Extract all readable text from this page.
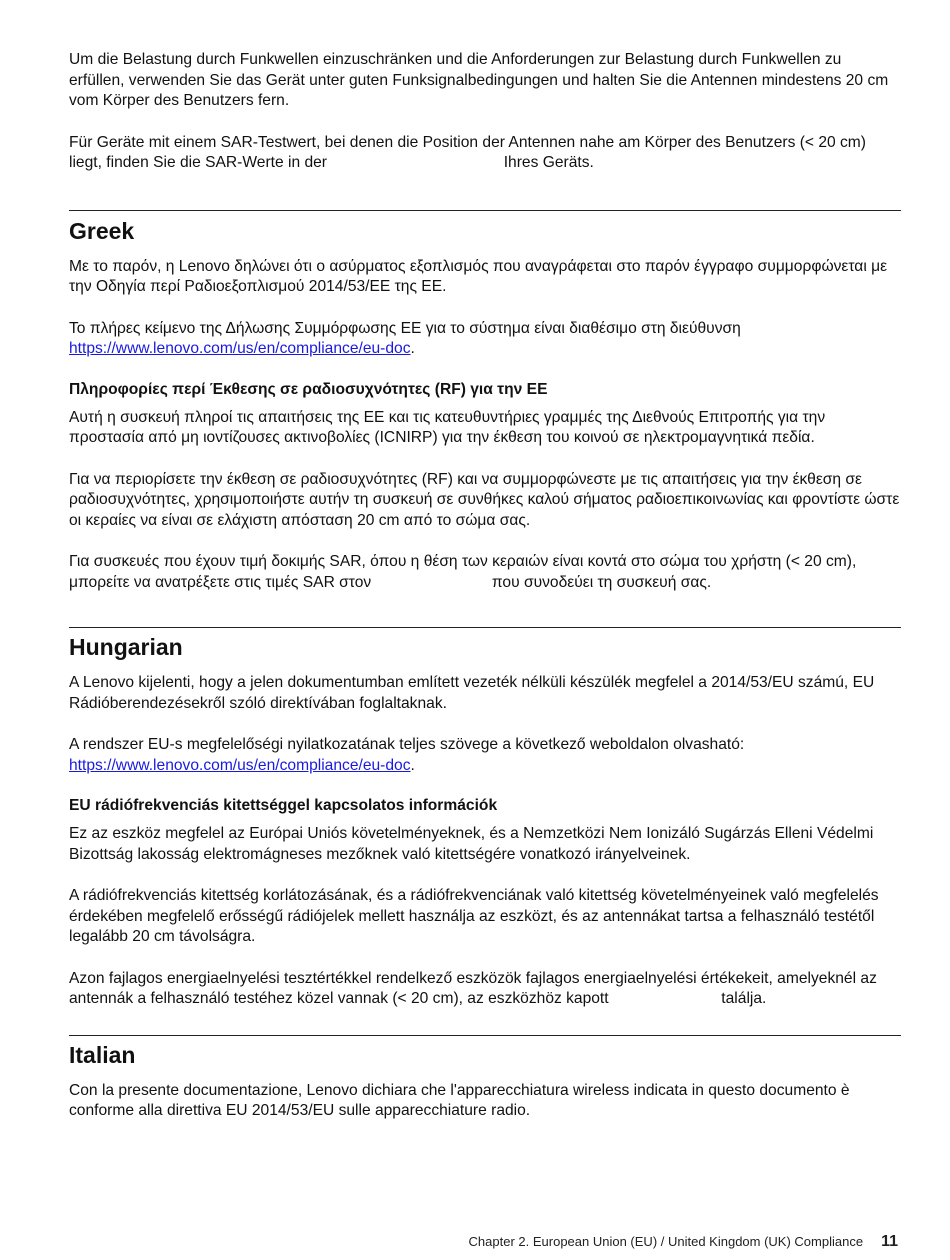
Um die Belastung durch Funkwellen einzuschränken und die Anforderungen zur Belastung durch Funkwellen zu erfüllen, verwenden Sie das Gerät unter guten Funksignalbedingungen und halten Sie die Antennen mindestens 20 cm vom Körper des Benutzers fern.

Für Geräte mit einem SAR-Testwert, bei denen die Position der Antennen nahe am Körper des Benutzers (< 20 cm) liegt, finden Sie die SAR-Werte in der	Ihres Geräts.

Greek

Με το παρόν, η Lenovo δηλώνει ότι ο ασύρματος εξοπλισμός που αναγράφεται στο παρόν έγγραφο συμμορφώνεται με την Οδηγία περί Ραδιοεξοπλισμού 2014/53/ΕΕ της ΕΕ.

Το πλήρες κείμενο της Δήλωσης Συμμόρφωσης ΕΕ για το σύστημα είναι διαθέσιμο στη διεύθυνση https://www.lenovo.com/us/en/compliance/eu-doc.

Πληροφορίες περί Έκθεσης σε ραδιοσυχνότητες (RF) για την ΕΕ

Αυτή η συσκευή πληροί τις απαιτήσεις της ΕΕ και τις κατευθυντήριες γραμμές της Διεθνούς Επιτροπής για την προστασία από μη ιοντίζουσες ακτινοβολίες (ICNIRP) για την έκθεση του κοινού σε ηλεκτρομαγνητικά πεδία.

Για να περιορίσετε την έκθεση σε ραδιοσυχνότητες (RF) και να συμμορφώνεστε με τις απαιτήσεις για την έκθεση σε ραδιοσυχνότητες, χρησιμοποιήστε αυτήν τη συσκευή σε συνθήκες καλού σήματος ραδιοεπικοινωνίας και φροντίστε ώστε οι κεραίες να είναι σε ελάχιστη απόσταση 20 cm από το σώμα σας.

Για συσκευές που έχουν τιμή δοκιμής SAR, όπου η θέση των κεραιών είναι κοντά στο σώμα του χρήστη (< 20 cm), μπορείτε να ανατρέξετε στις τιμές SAR στον	που συνοδεύει τη συσκευή σας.

Hungarian

A Lenovo kijelenti, hogy a jelen dokumentumban említett vezeték nélküli készülék megfelel a 2014/53/EU számú, EU Rádióberendezésekről szóló direktívában foglaltaknak.

A rendszer EU-s megfelelőségi nyilatkozatának teljes szövege a következő weboldalon olvasható: https://www.lenovo.com/us/en/compliance/eu-doc.

EU rádiófrekvenciás kitettséggel kapcsolatos információk

Ez az eszköz megfelel az Európai Uniós követelményeknek, és a Nemzetközi Nem Ionizáló Sugárzás Elleni Védelmi Bizottság lakosság elektromágneses mezőknek való kitettségére vonatkozó irányelveinek.

A rádiófrekvenciás kitettség korlátozásának, és a rádiófrekvenciának való kitettség követelményeinek való megfelelés érdekében megfelelő erősségű rádiójelek mellett használja az eszközt, és az antennákat tartsa a felhasználó testétől legalább 20 cm távolságra.

Azon fajlagos energiaelnyelési tesztértékkel rendelkező eszközök fajlagos energiaelnyelési értékekeit, amelyeknél az antennák a felhasználó testéhez közel vannak (< 20 cm), az eszközhöz kapott	találja.

Italian

Con la presente documentazione, Lenovo dichiara che l'apparecchiatura wireless indicata in questo documento è conforme alla direttiva EU 2014/53/EU sulle apparecchiature radio.

Chapter 2. European Union (EU) / United Kingdom (UK) Compliance 11
